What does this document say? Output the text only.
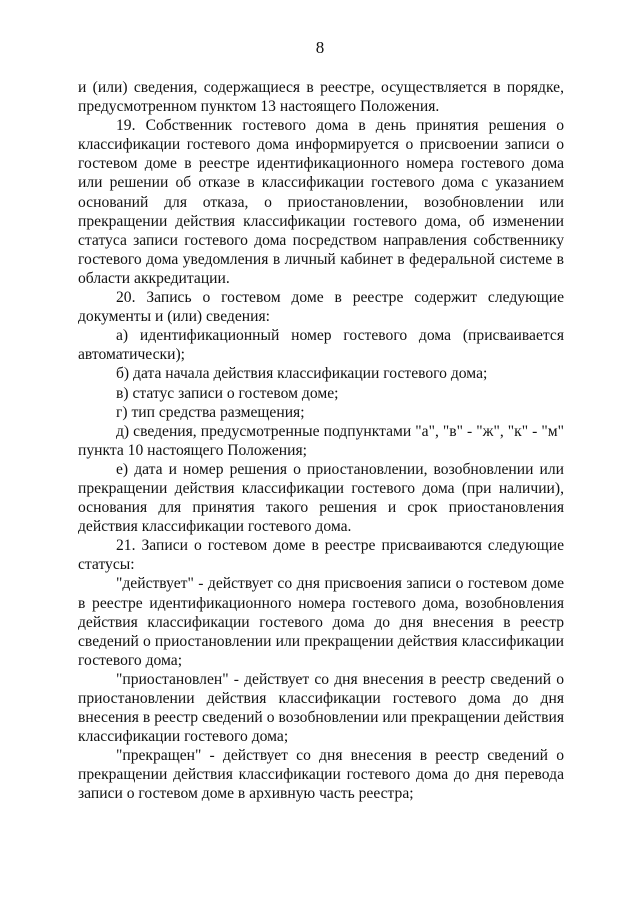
8

и (или) сведения, содержащиеся в реестре, осуществляется в порядке, предусмотренном пунктом 13 настоящего Положения.

19. Собственник гостевого дома в день принятия решения о классификации гостевого дома информируется о присвоении записи о гостевом доме в реестре идентификационного номера гостевого дома или решении об отказе в классификации гостевого дома с указанием оснований для отказа, о приостановлении, возобновлении или прекращении действия классификации гостевого дома, об изменении статуса записи гостевого дома посредством направления собственнику гостевого дома уведомления в личный кабинет в федеральной системе в области аккредитации.

20. Запись о гостевом доме в реестре содержит следующие документы и (или) сведения:

а) идентификационный номер гостевого дома (присваивается автоматически);

б) дата начала действия классификации гостевого дома;

в) статус записи о гостевом доме;

г) тип средства размещения;

д) сведения, предусмотренные подпунктами "а", "в" - "ж", "к" - "м" пункта 10 настоящего Положения;

е) дата и номер решения о приостановлении, возобновлении или прекращении действия классификации гостевого дома (при наличии), основания для принятия такого решения и срок приостановления действия классификации гостевого дома.

21. Записи о гостевом доме в реестре присваиваются следующие статусы:

"действует" - действует со дня присвоения записи о гостевом доме в реестре идентификационного номера гостевого дома, возобновления действия классификации гостевого дома до дня внесения в реестр сведений о приостановлении или прекращении действия классификации гостевого дома;

"приостановлен" - действует со дня внесения в реестр сведений о приостановлении действия классификации гостевого дома до дня внесения в реестр сведений о возобновлении или прекращении действия классификации гостевого дома;

"прекращен" - действует со дня внесения в реестр сведений о прекращении действия классификации гостевого дома до дня перевода записи о гостевом доме в архивную часть реестра;
